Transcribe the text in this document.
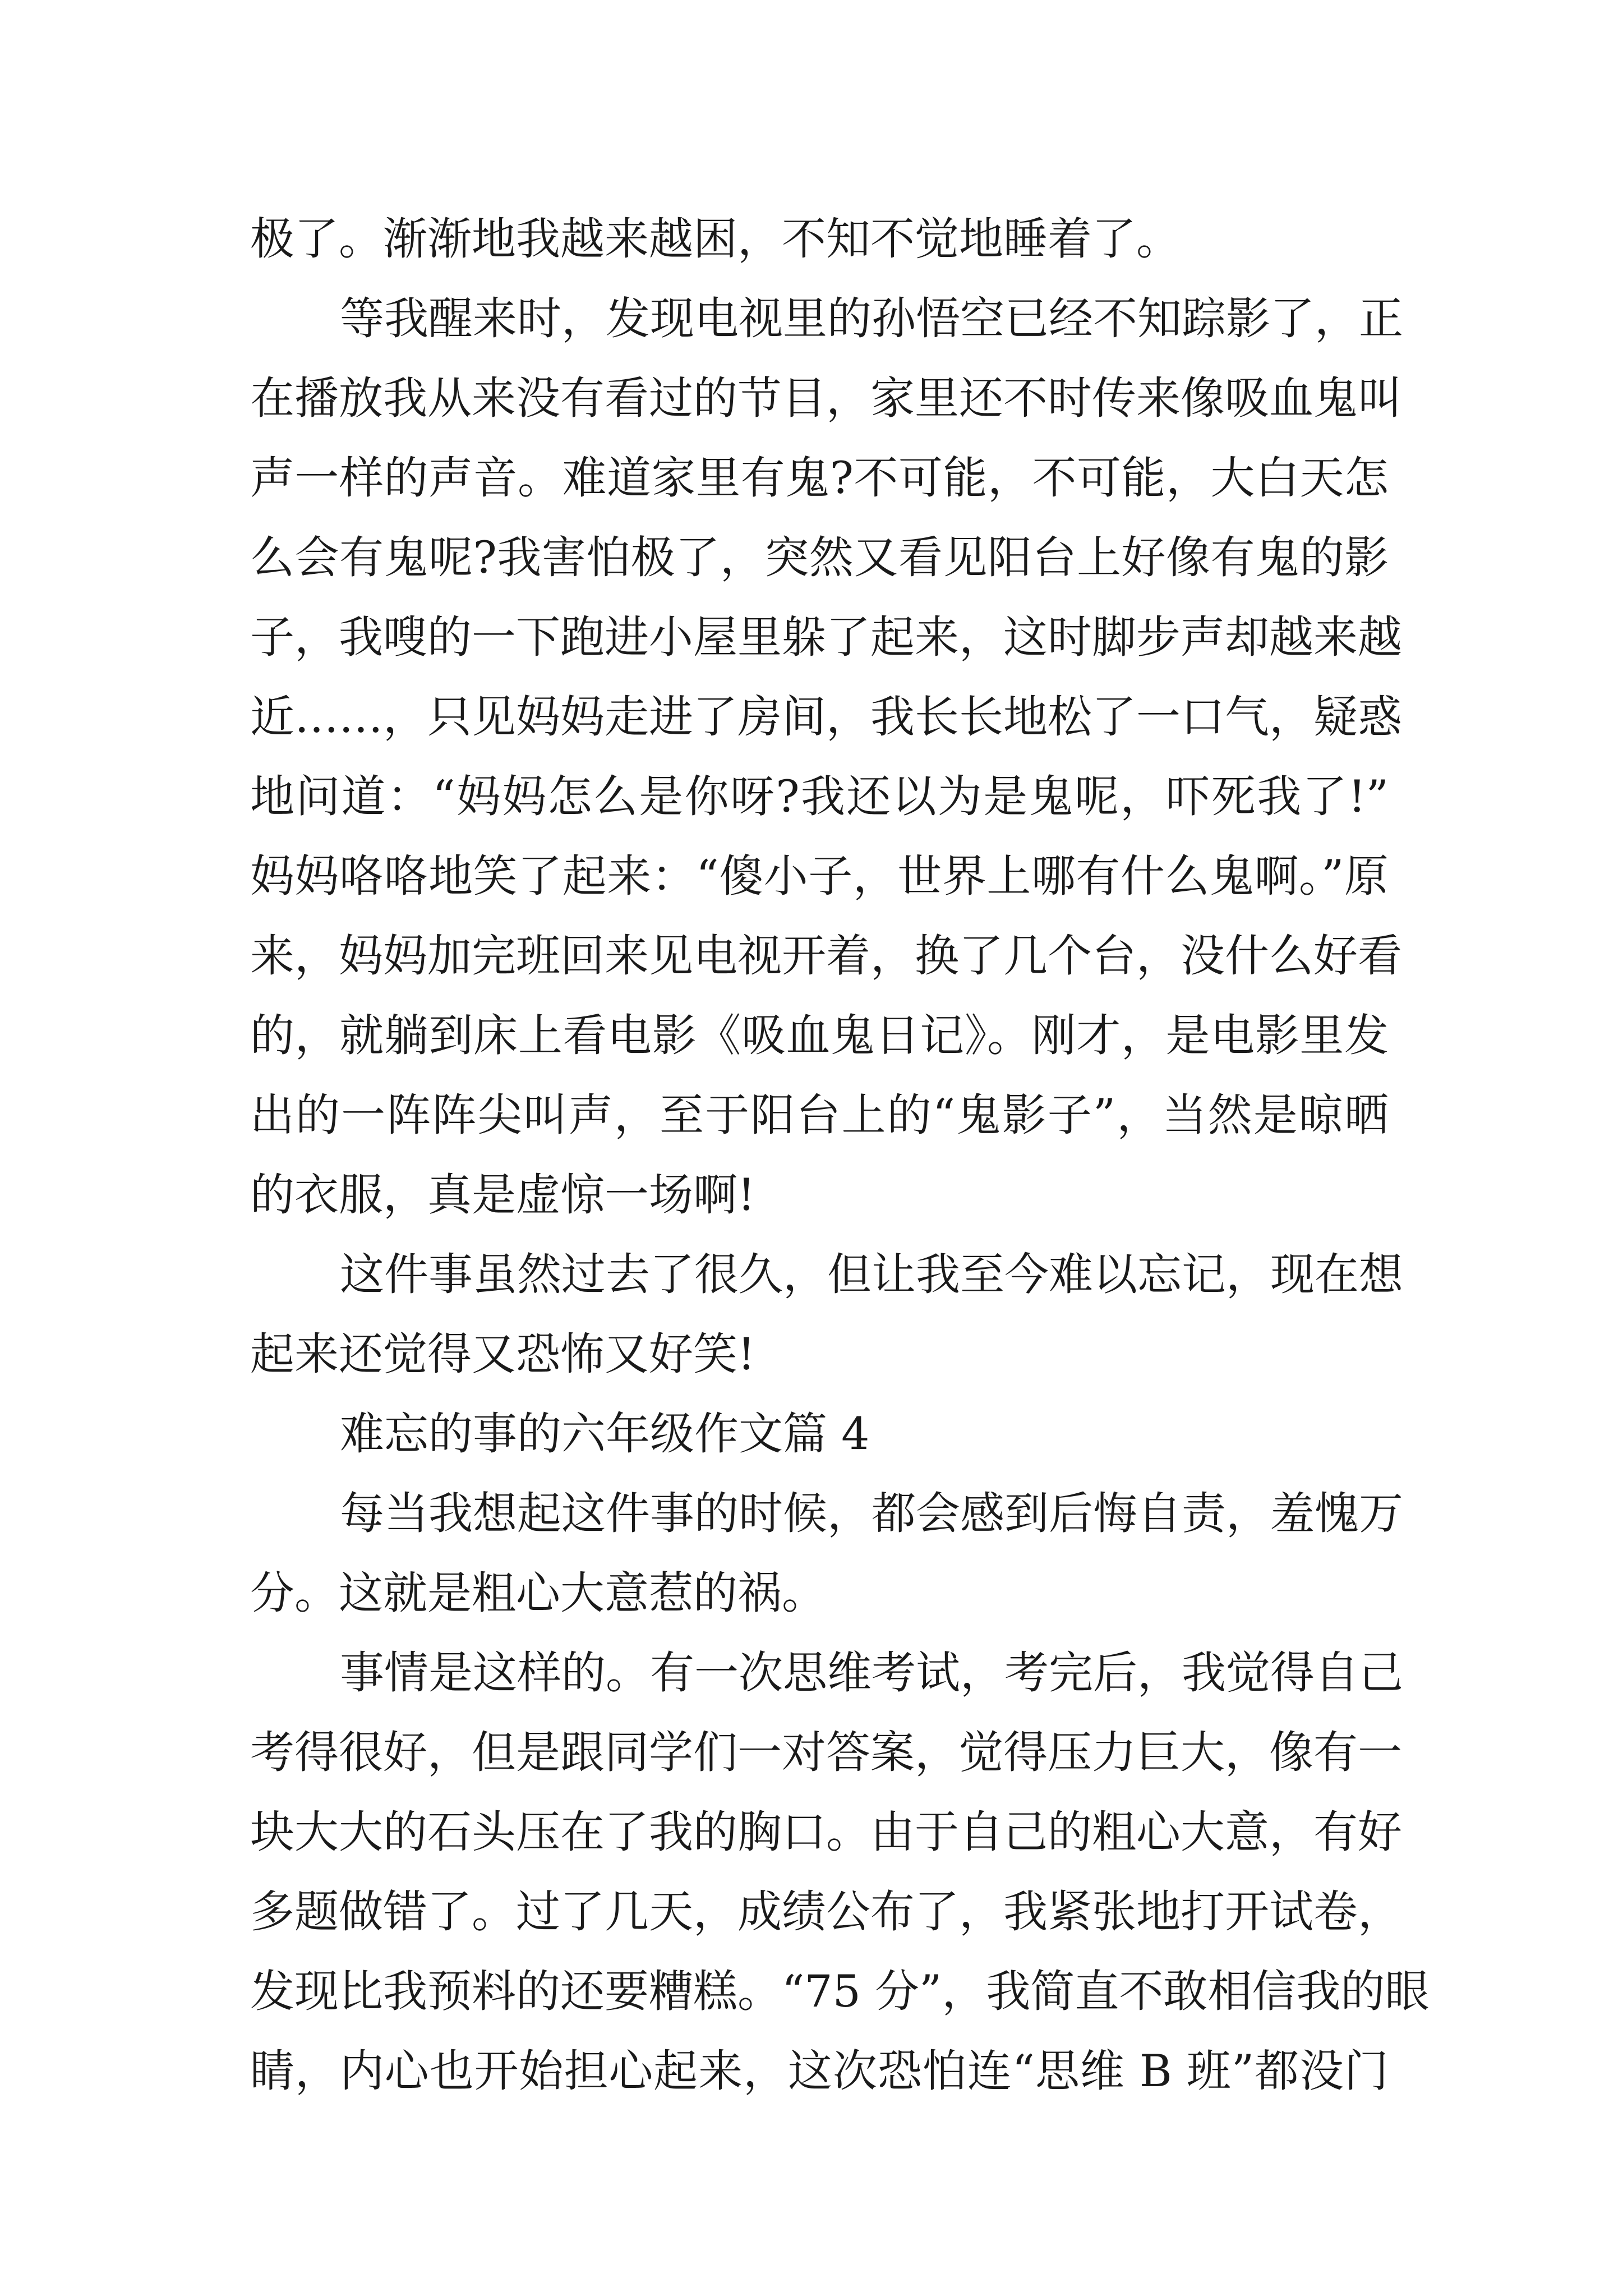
极了。渐渐地我越来越困，不知不觉地睡着了。
等我醒来时，发现电视里的孙悟空已经不知踪影了，正
在播放我从来没有看过的节目，家里还不时传来像吸血鬼叫
声一样的声音。难道家里有鬼?不可能，不可能，大白天怎
么会有鬼呢?我害怕极了，突然又看见阳台上好像有鬼的影
子，我嗖的一下跑进小屋里躲了起来，这时脚步声却越来越
近……，只见妈妈走进了房间，我长长地松了一口气，疑惑
地问道：“妈妈怎么是你呀?我还以为是鬼呢，吓死我了!”
妈妈咯咯地笑了起来：“傻小子，世界上哪有什么鬼啊。”原
来，妈妈加完班回来见电视开着，换了几个台，没什么好看
的，就躺到床上看电影《吸血鬼日记》。刚才，是电影里发
出的一阵阵尖叫声，至于阳台上的“鬼影子”，当然是晾晒
的衣服，真是虚惊一场啊!
这件事虽然过去了很久，但让我至今难以忘记，现在想
起来还觉得又恐怖又好笑!
难忘的事的六年级作文篇 4
每当我想起这件事的时候，都会感到后悔自责，羞愧万
分。这就是粗心大意惹的祸。
事情是这样的。有一次思维考试，考完后，我觉得自己
考得很好，但是跟同学们一对答案，觉得压力巨大，像有一
块大大的石头压在了我的胸口。由于自己的粗心大意，有好
多题做错了。过了几天，成绩公布了，我紧张地打开试卷，
发现比我预料的还要糟糕。“75 分”，我简直不敢相信我的眼
睛，内心也开始担心起来，这次恐怕连“思维 B 班”都没门
